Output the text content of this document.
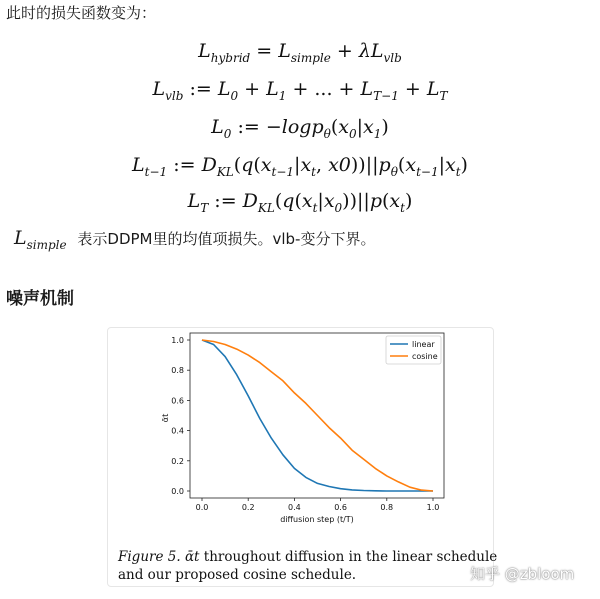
此时的损失函数变为：
$L_{hybrid} = L_{simple} + \lambda L_{vlb}$
$L_{vlb}$ := $L_0 + L_1$ + ... + $L_{T-1} + L_T$
$L_0$ := $-\log p_\theta(x_0|x_1)$
$L_{t-1}$ := $D_{KL}(q(x_{t-1}|x_t$, $x0))||p_\theta(x_{t-1}|x_t)$
$L_T$ := $D_{KL}(q(x_t|x_0))||p(x_t)$
$L_{simple}$ 表示DDPM里的均值项损失。vlb-变分下界。
噪声机制
0.0	0.2	0.4	0.6	0.8	1.0
0.0
0.2
0.4
0.6
0.8
1.0
diffusion step (t/T)
ᾱt
linear
cosine
Figure 5. ᾱt throughout diffusion in the linear schedule and our proposed cosine schedule.	知乎 @zbloom
